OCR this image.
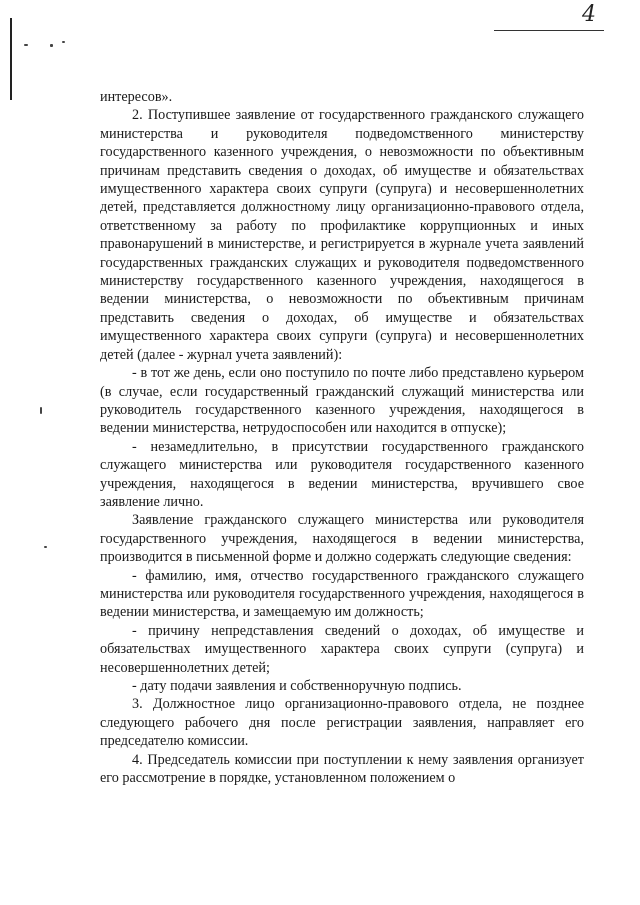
4

интересов».

2. Поступившее заявление от государственного гражданского служащего министерства и руководителя подведомственного министерству государственного казенного учреждения, о невозможности по объективным причинам представить сведения о доходах, об имуществе и обязательствах имущественного характера своих супруги (супруга) и несовершеннолетних детей, представляется должностному лицу организационно-правового отдела, ответственному за работу по профилактике коррупционных и иных правонарушений в министерстве, и регистрируется в журнале учета заявлений государственных гражданских служащих и руководителя подведомственного министерству государственного казенного учреждения, находящегося в ведении министерства, о невозможности по объективным причинам представить сведения о доходах, об имуществе и обязательствах имущественного характера своих супруги (супруга) и несовершеннолетних детей (далее - журнал учета заявлений):

- в тот же день, если оно поступило по почте либо представлено курьером (в случае, если государственный гражданский служащий министерства или руководитель государственного казенного учреждения, находящегося в ведении министерства, нетрудоспособен или находится в отпуске);

- незамедлительно, в присутствии государственного гражданского служащего министерства или руководителя государственного казенного учреждения, находящегося в ведении министерства, вручившего свое заявление лично.

Заявление гражданского служащего министерства или руководителя государственного учреждения, находящегося в ведении министерства, производится в письменной форме и должно содержать следующие сведения:

- фамилию, имя, отчество государственного гражданского служащего министерства или руководителя государственного учреждения, находящегося в ведении министерства, и замещаемую им должность;

- причину непредставления сведений о доходах, об имуществе и обязательствах имущественного характера своих супруги (супруга) и несовершеннолетних детей;

- дату подачи заявления и собственноручную подпись.

3. Должностное лицо организационно-правового отдела, не позднее следующего рабочего дня после регистрации заявления, направляет его председателю комиссии.

4. Председатель комиссии при поступлении к нему заявления организует его рассмотрение в порядке, установленном положением о
